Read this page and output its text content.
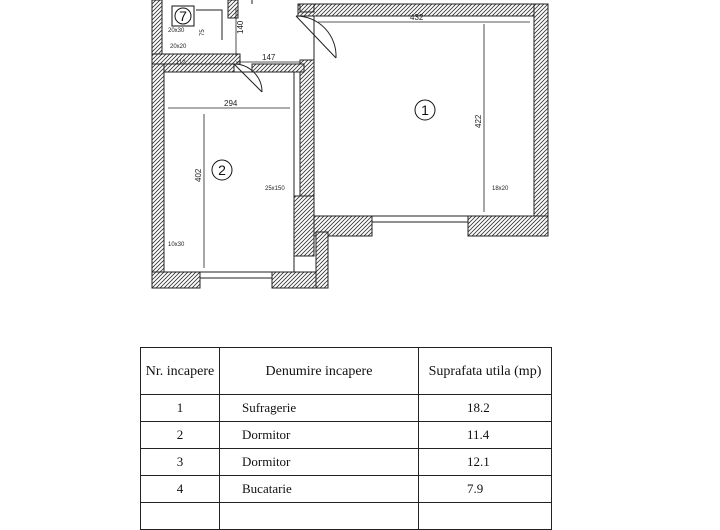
432
422
294
402
147
140
112
75
20x30
20x20
25x150	18x20
10x30
1
2
7
Nr. incapere	Denumire incapere	Suprafata utila (mp)
1	Sufragerie	18.2
2	Dormitor	11.4
3	Dormitor	12.1
4	Bucatarie	7.9
